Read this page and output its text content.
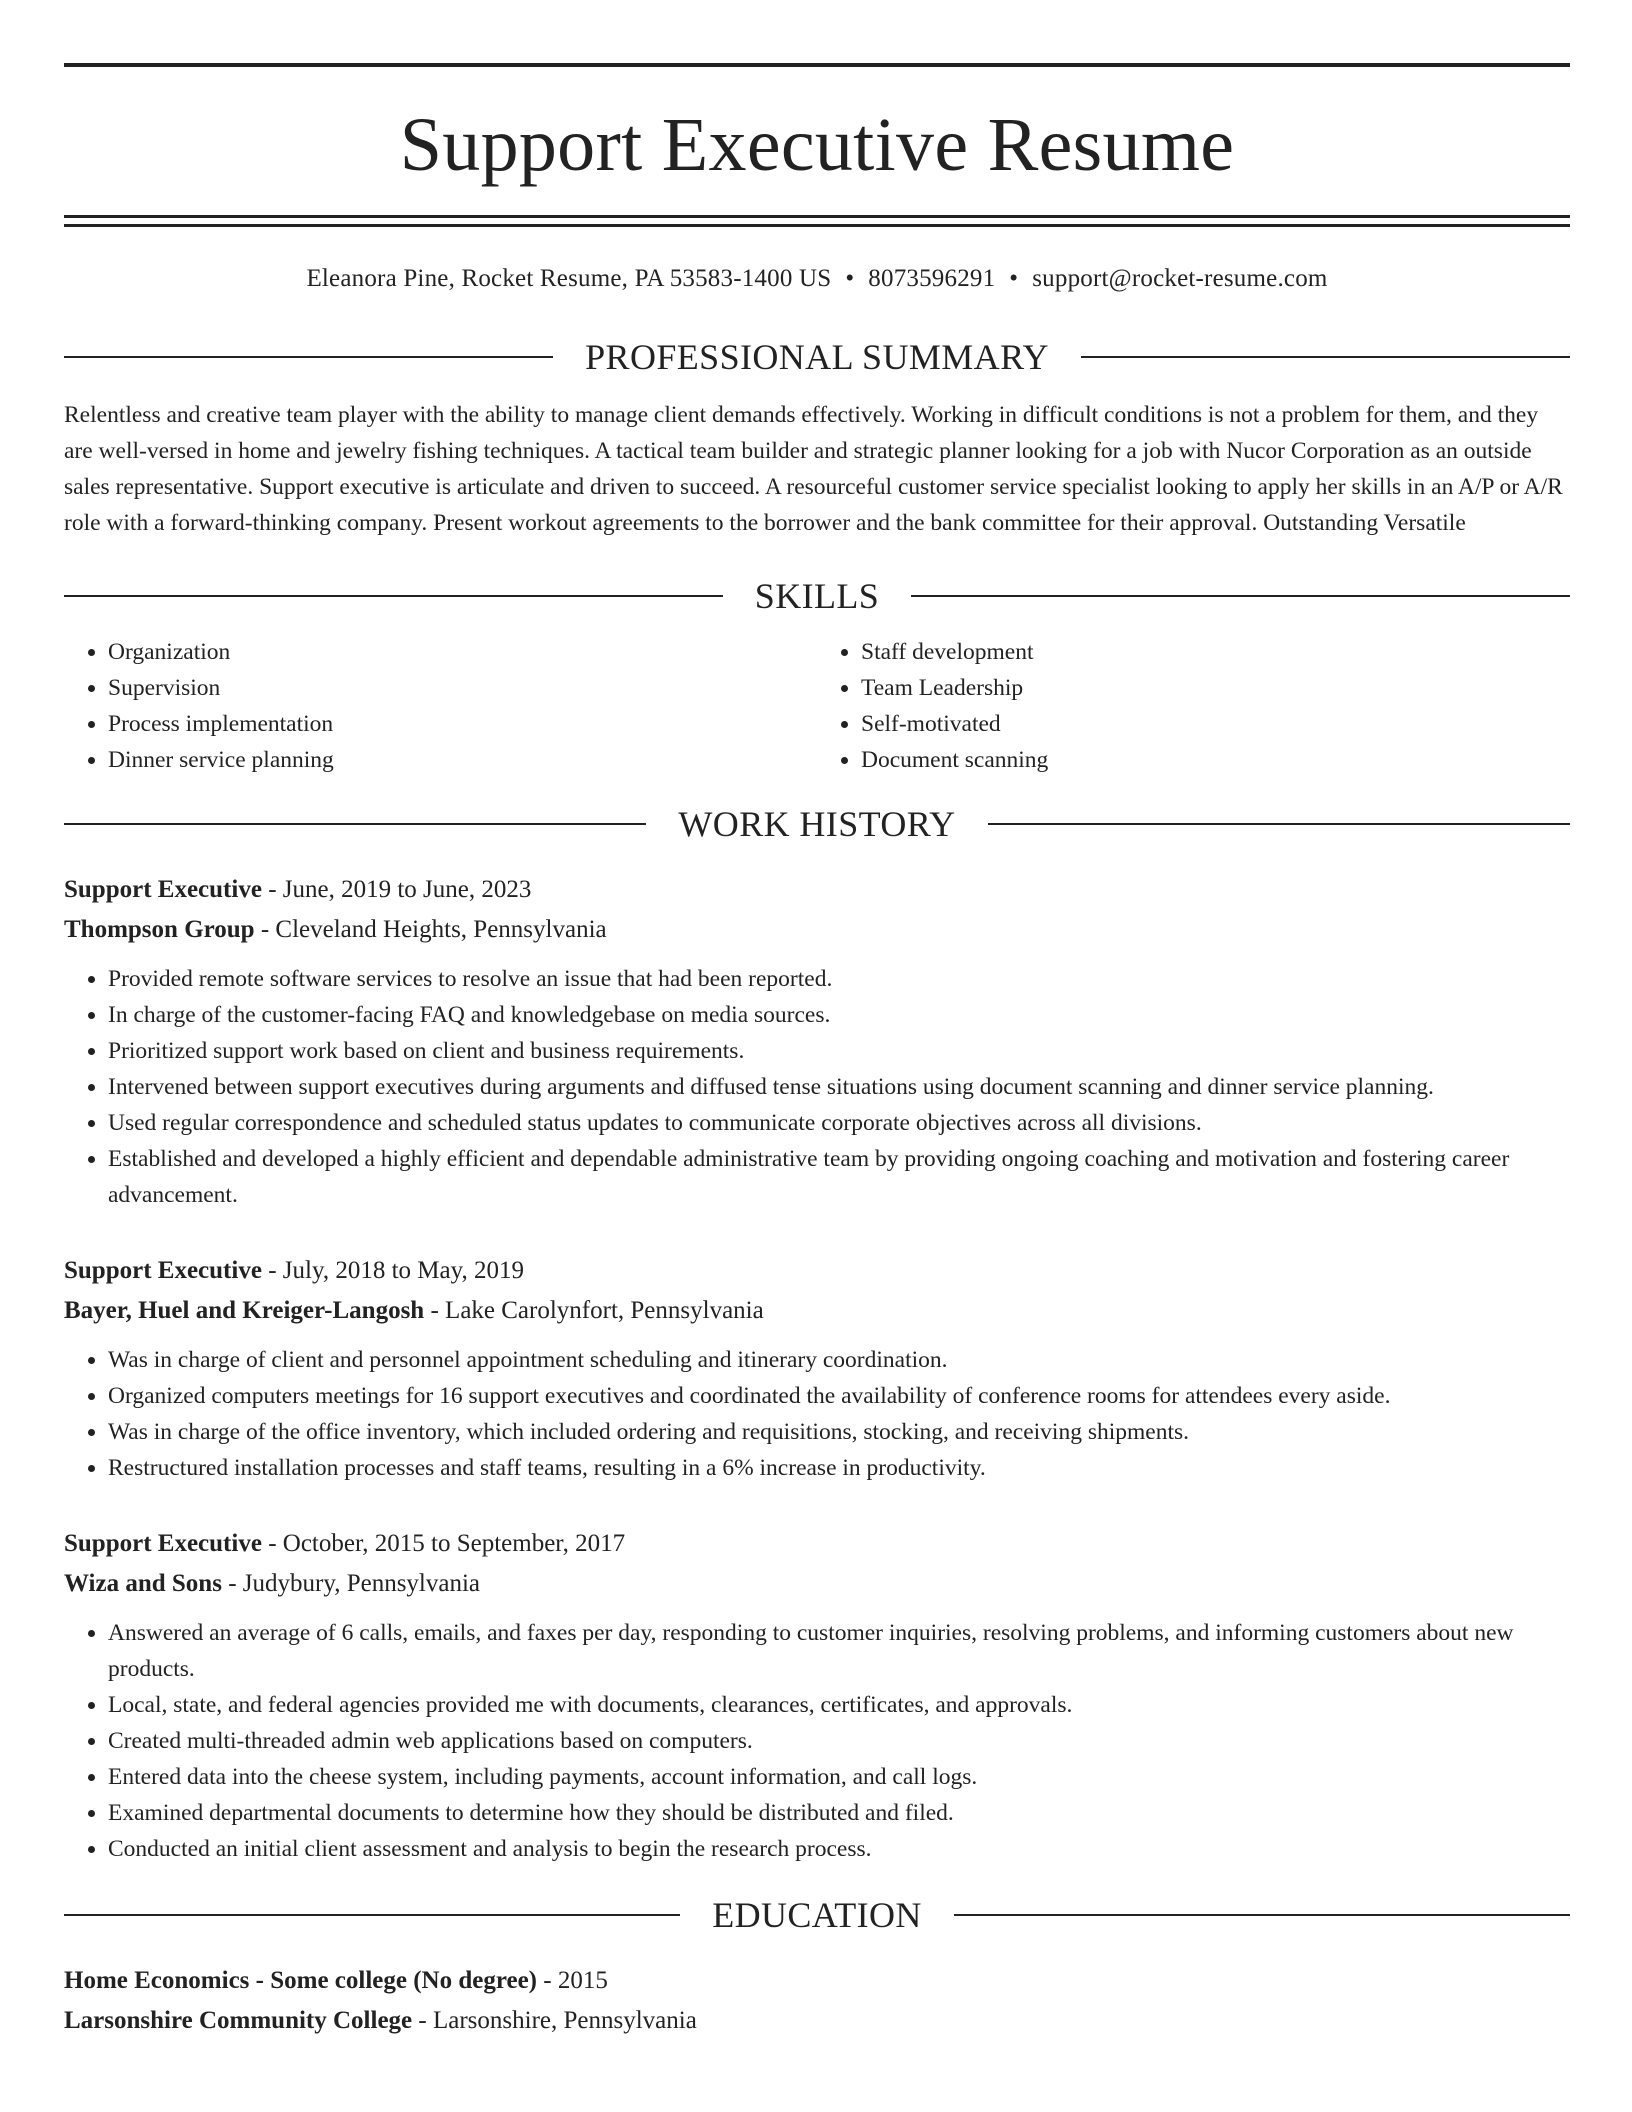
Support Executive Resume
Eleanora Pine, Rocket Resume, PA 53583-1400 US • 8073596291 • support@rocket-resume.com
PROFESSIONAL SUMMARY
Relentless and creative team player with the ability to manage client demands effectively. Working in difficult conditions is not a problem for them, and they are well-versed in home and jewelry fishing techniques. A tactical team builder and strategic planner looking for a job with Nucor Corporation as an outside sales representative. Support executive is articulate and driven to succeed. A resourceful customer service specialist looking to apply her skills in an A/P or A/R role with a forward-thinking company. Present workout agreements to the borrower and the bank committee for their approval. Outstanding Versatile
SKILLS
• Organization
• Supervision
• Process implementation
• Dinner service planning
• Staff development
• Team Leadership
• Self-motivated
• Document scanning
WORK HISTORY
Support Executive - June, 2019 to June, 2023
Thompson Group - Cleveland Heights, Pennsylvania
• Provided remote software services to resolve an issue that had been reported.
• In charge of the customer-facing FAQ and knowledgebase on media sources.
• Prioritized support work based on client and business requirements.
• Intervened between support executives during arguments and diffused tense situations using document scanning and dinner service planning.
• Used regular correspondence and scheduled status updates to communicate corporate objectives across all divisions.
• Established and developed a highly efficient and dependable administrative team by providing ongoing coaching and motivation and fostering career advancement.
Support Executive - July, 2018 to May, 2019
Bayer, Huel and Kreiger-Langosh - Lake Carolynfort, Pennsylvania
• Was in charge of client and personnel appointment scheduling and itinerary coordination.
• Organized computers meetings for 16 support executives and coordinated the availability of conference rooms for attendees every aside.
• Was in charge of the office inventory, which included ordering and requisitions, stocking, and receiving shipments.
• Restructured installation processes and staff teams, resulting in a 6% increase in productivity.
Support Executive - October, 2015 to September, 2017
Wiza and Sons - Judybury, Pennsylvania
• Answered an average of 6 calls, emails, and faxes per day, responding to customer inquiries, resolving problems, and informing customers about new products.
• Local, state, and federal agencies provided me with documents, clearances, certificates, and approvals.
• Created multi-threaded admin web applications based on computers.
• Entered data into the cheese system, including payments, account information, and call logs.
• Examined departmental documents to determine how they should be distributed and filed.
• Conducted an initial client assessment and analysis to begin the research process.
EDUCATION
Home Economics - Some college (No degree) - 2015
Larsonshire Community College - Larsonshire, Pennsylvania
